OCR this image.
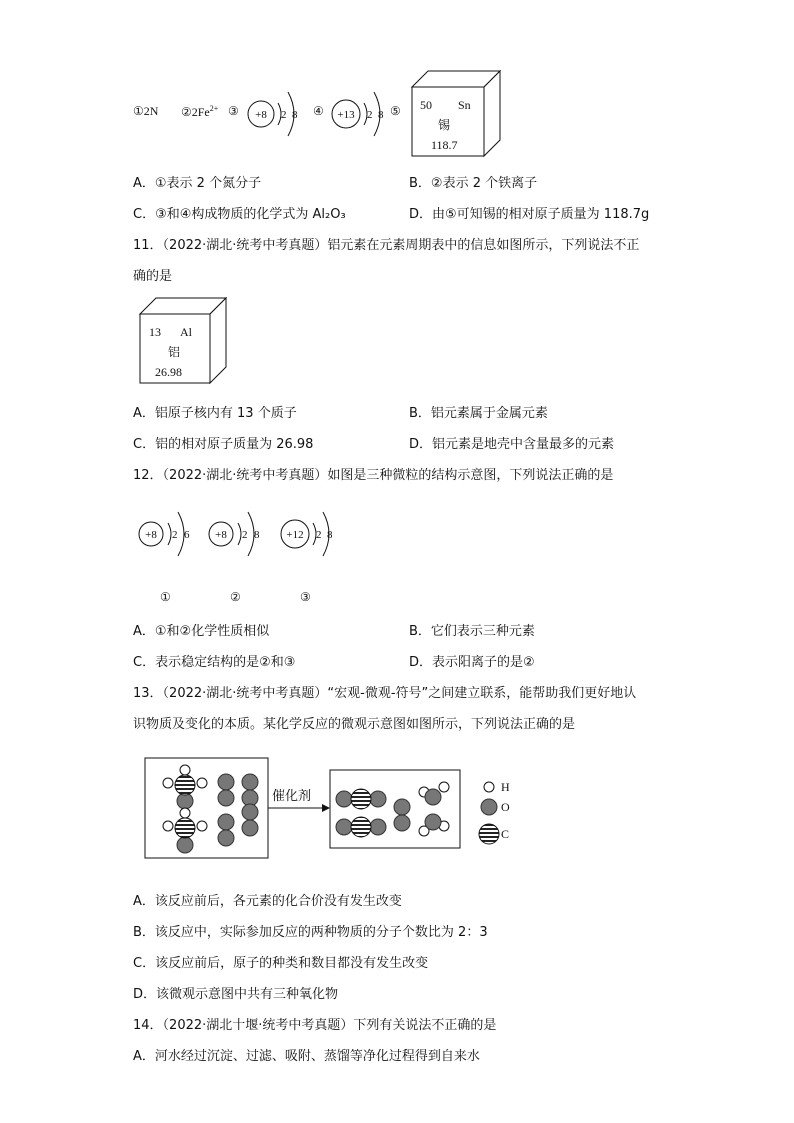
①2N $②2Fe^{2+}$ ③ +8 2 8 ④ +13 2 8 ⑤ 50 Sn
锡
118.7
A．①表示 2 个氮分子	B．②表示 2 个铁离子
C．③和④构成物质的化学式为 Al₂O₃	D．由⑤可知锡的相对原子质量为 118.7g
11．（2022·湖北·统考中考真题）铝元素在元素周期表中的信息如图所示，下列说法不正
确的是
13 Al
铝
26.98
A．铝原子核内有 13 个质子	B．铝元素属于金属元素
C．铝的相对原子质量为 26.98	D．铝元素是地壳中含量最多的元素
12．（2022·湖北·统考中考真题）如图是三种微粒的结构示意图，下列说法正确的是
+8 2 6 +8 2 8 +12 2 8
①	②	③
A．①和②化学性质相似	B．它们表示三种元素
C．表示稳定结构的是②和③	D．表示阳离子的是②
13．（2022·湖北·统考中考真题）“宏观-微观-符号”之间建立联系，能帮助我们更好地认
识物质及变化的本质。某化学反应的微观示意图如图所示，下列说法正确的是
催化剂
H
O
C
A．该反应前后，各元素的化合价没有发生改变
B．该反应中，实际参加反应的两种物质的分子个数比为 2：3
C．该反应前后，原子的种类和数目都没有发生改变
D．该微观示意图中共有三种氧化物
14．（2022·湖北十堰·统考中考真题）下列有关说法不正确的是
A．河水经过沉淀、过滤、吸附、蒸馏等净化过程得到自来水
